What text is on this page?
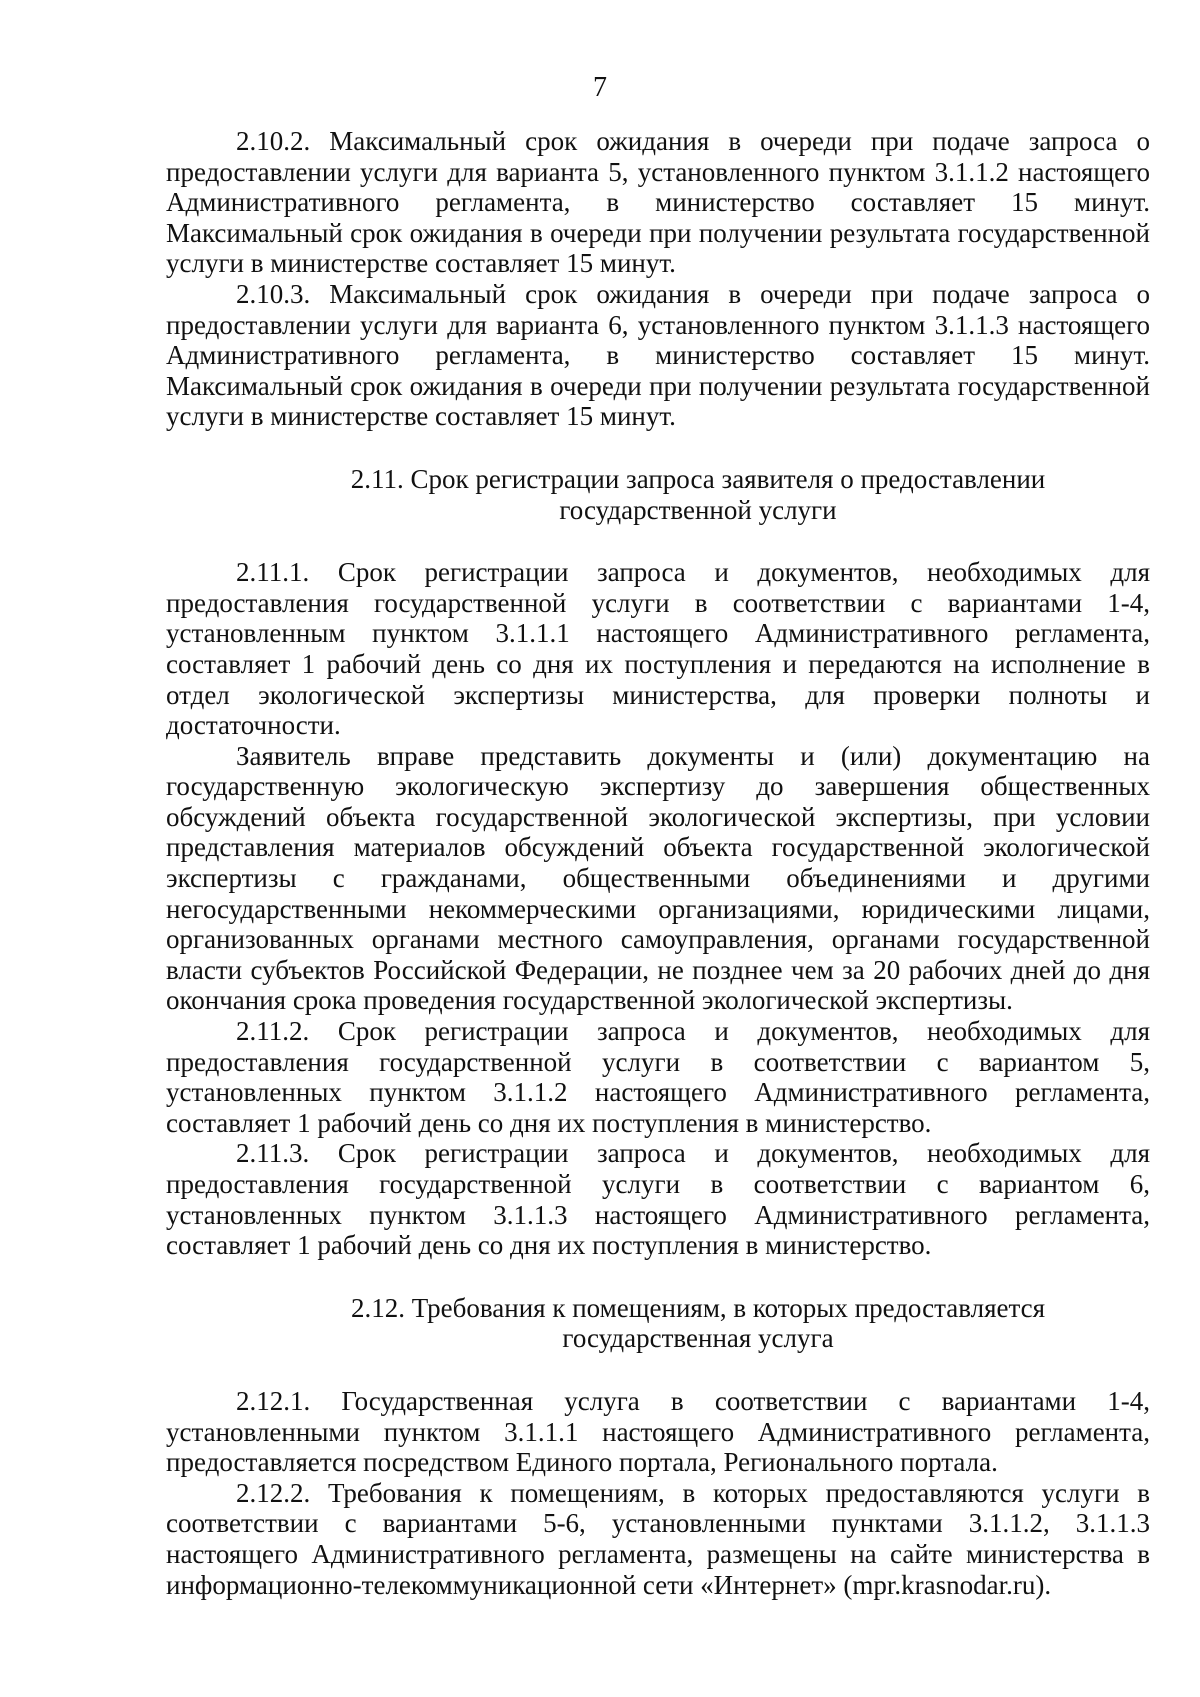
7

2.10.2. Максимальный срок ожидания в очереди при подаче запроса о предоставлении услуги для варианта 5, установленного пунктом 3.1.1.2 настоящего Административного регламента, в министерство составляет 15 минут. Максимальный срок ожидания в очереди при получении результата государственной услуги в министерстве составляет 15 минут.

2.10.3. Максимальный срок ожидания в очереди при подаче запроса о предоставлении услуги для варианта 6, установленного пунктом 3.1.1.3 настоящего Административного регламента, в министерство составляет 15 минут. Максимальный срок ожидания в очереди при получении результата государственной услуги в министерстве составляет 15 минут.

2.11. Срок регистрации запроса заявителя о предоставлении
государственной услуги

2.11.1. Срок регистрации запроса и документов, необходимых для предоставления государственной услуги в соответствии с вариантами 1-4, установленным пунктом 3.1.1.1 настоящего Административного регламента, составляет 1 рабочий день со дня их поступления и передаются на исполнение в отдел экологической экспертизы министерства, для проверки полноты и достаточности.

Заявитель вправе представить документы и (или) документацию на государственную экологическую экспертизу до завершения общественных обсуждений объекта государственной экологической экспертизы, при условии представления материалов обсуждений объекта государственной экологической экспертизы с гражданами, общественными объединениями и другими негосударственными некоммерческими организациями, юридическими лицами, организованных органами местного самоуправления, органами государственной власти субъектов Российской Федерации, не позднее чем за 20 рабочих дней до дня окончания срока проведения государственной экологической экспертизы.

2.11.2. Срок регистрации запроса и документов, необходимых для предоставления государственной услуги в соответствии с вариантом 5, установленных пунктом 3.1.1.2 настоящего Административного регламента, составляет 1 рабочий день со дня их поступления в министерство.

2.11.3. Срок регистрации запроса и документов, необходимых для предоставления государственной услуги в соответствии с вариантом 6, установленных пунктом 3.1.1.3 настоящего Административного регламента, составляет 1 рабочий день со дня их поступления в министерство.

2.12. Требования к помещениям, в которых предоставляется
государственная услуга

2.12.1. Государственная услуга в соответствии с вариантами 1-4, установленными пунктом 3.1.1.1 настоящего Административного регламента, предоставляется посредством Единого портала, Регионального портала.

2.12.2. Требования к помещениям, в которых предоставляются услуги в соответствии с вариантами 5-6, установленными пунктами 3.1.1.2, 3.1.1.3 настоящего Административного регламента, размещены на сайте министерства в информационно-телекоммуникационной сети «Интернет» (mpr.krasnodar.ru).
